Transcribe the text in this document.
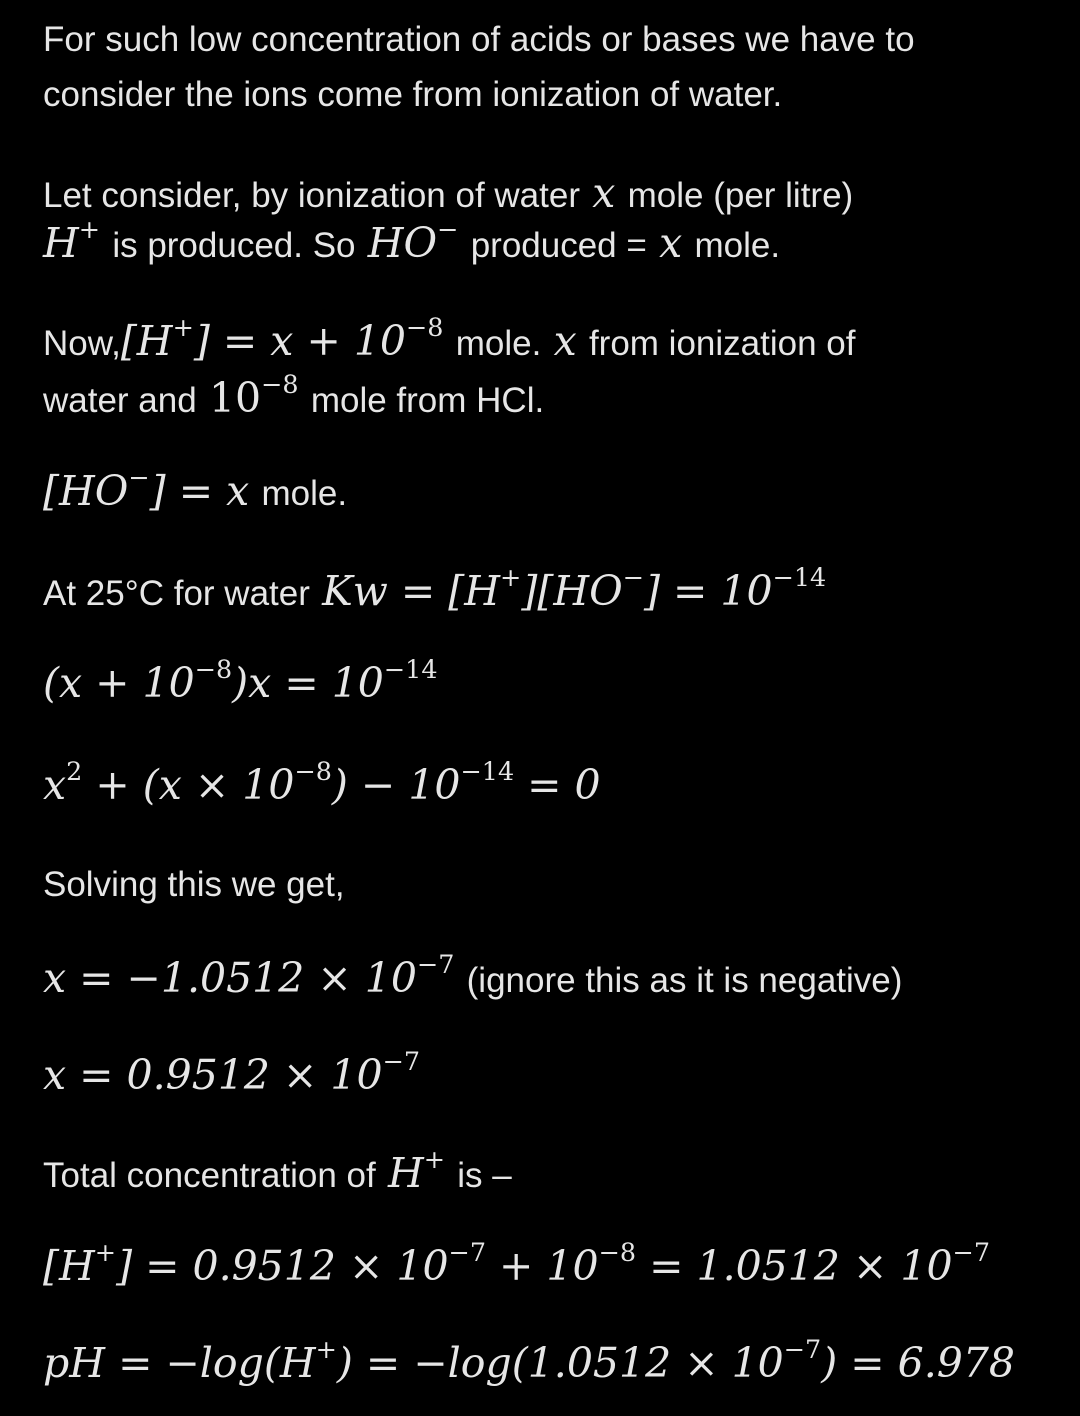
For such low concentration of acids or bases we have to
consider the ions come from ionization of water.
Let consider, by ionization of water x mole (per litre)
H+ is produced. So HO− produced = x mole.
$Now,[H^+] = x + 10^{-8}$ mole. x from ionization of
water and $10^{-8}$ mole from HCl.
[HO−] = x mole.
At 25°C for water $Kw = [H^+][HO^-] = 10^{-14}$
$(x + 10^{-8})x = 10^{-14}$
$x^2 + (x \times 10^{-8}) - 10^{-14} = 0$
Solving this we get,
$x = -1.0512 \times 10^{-7}$ (ignore this as it is negative)
$x = 0.9512 \times 10^{-7}$
Total concentration of H+ is –
$[H^+] = 0.9512 \times 10^{-7} + 10^{-8} = 1.0512 \times 10^{-7}$
pH = $-\log(H^+) = -\log(1.0512 \times 10^{-7}) = 6.978$
